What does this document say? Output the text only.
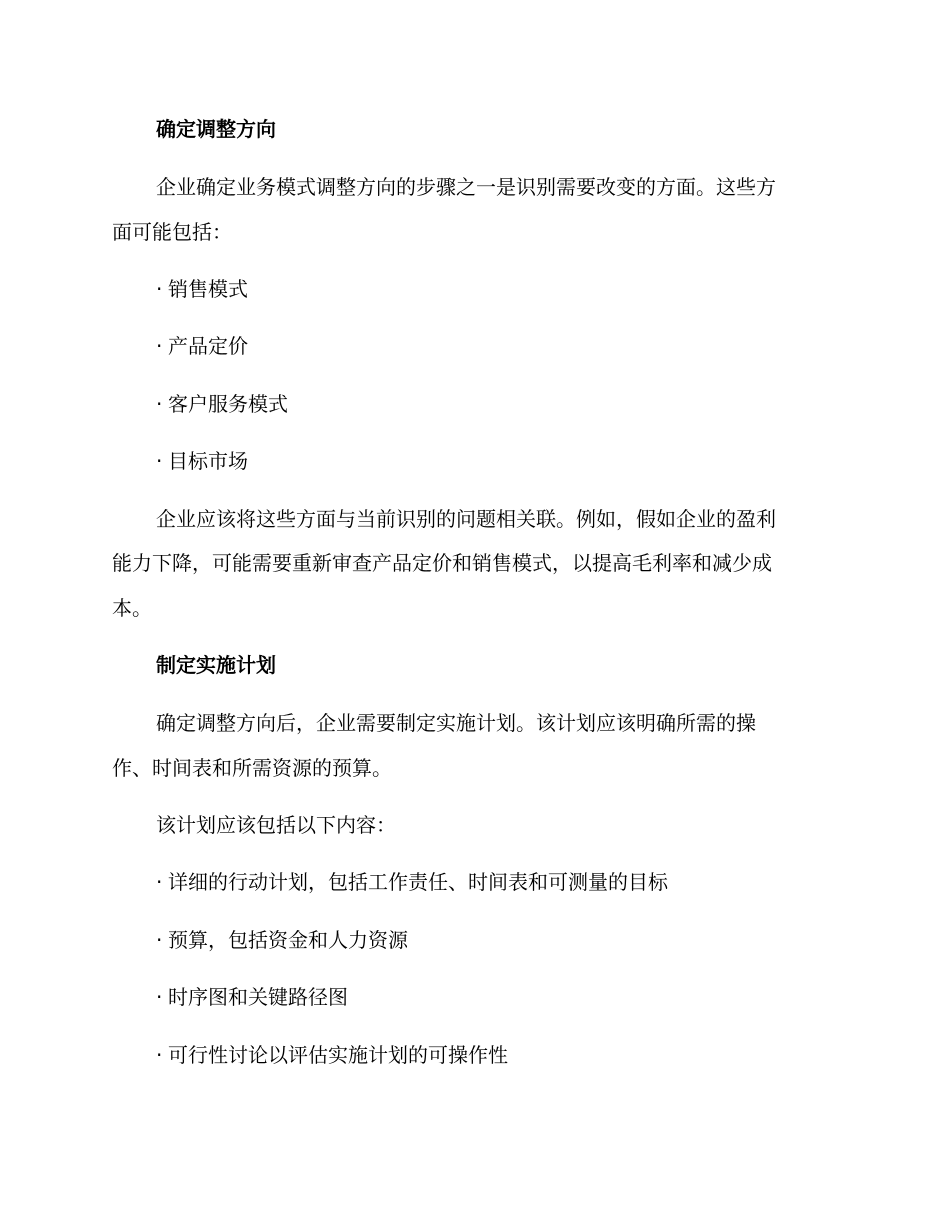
确定调整方向
企业确定业务模式调整方向的步骤之一是识别需要改变的方面。这些方
面可能包括：
· 销售模式
· 产品定价
· 客户服务模式
· 目标市场
企业应该将这些方面与当前识别的问题相关联。例如，假如企业的盈利
能力下降，可能需要重新审查产品定价和销售模式，以提高毛利率和减少成
本。
制定实施计划
确定调整方向后，企业需要制定实施计划。该计划应该明确所需的操
作、时间表和所需资源的预算。
该计划应该包括以下内容：
· 详细的行动计划，包括工作责任、时间表和可测量的目标
· 预算，包括资金和人力资源
· 时序图和关键路径图
· 可行性讨论以评估实施计划的可操作性
